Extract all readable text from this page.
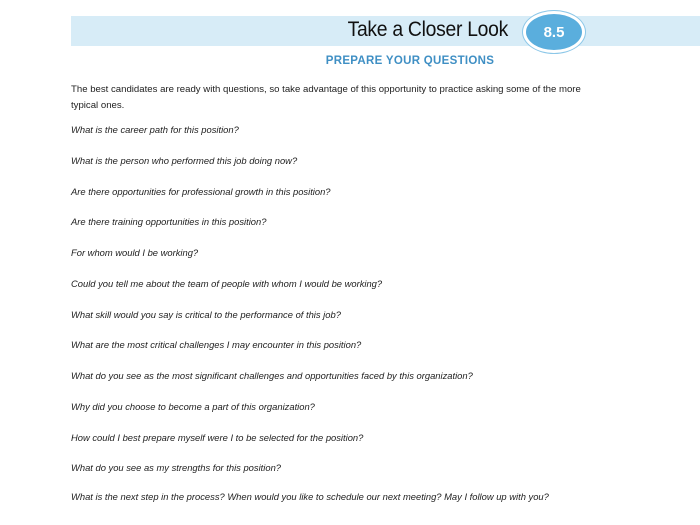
Take a Closer Look	8.5
PREPARE YOUR QUESTIONS
The best candidates are ready with questions, so take advantage of this opportunity to practice asking some of the more typical ones.
What is the career path for this position?
What is the person who performed this job doing now?
Are there opportunities for professional growth in this position?
Are there training opportunities in this position?
For whom would I be working?
Could you tell me about the team of people with whom I would be working?
What skill would you say is critical to the performance of this job?
What are the most critical challenges I may encounter in this position?
What do you see as the most significant challenges and opportunities faced by this organization?
Why did you choose to become a part of this organization?
How could I best prepare myself were I to be selected for the position?
What do you see as my strengths for this position?
What is the next step in the process? When would you like to schedule our next meeting? May I follow up with you?
